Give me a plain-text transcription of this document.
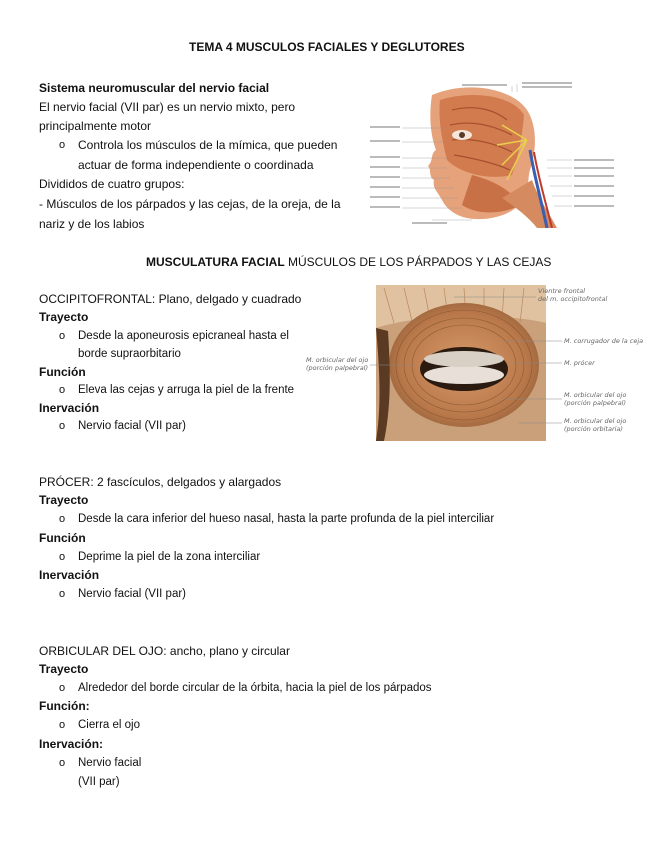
TEMA 4 MUSCULOS FACIALES Y DEGLUTORES
Sistema neuromuscular del nervio facial
El nervio facial (VII par) es un nervio mixto, pero
principalmente motor
o Controla los músculos de la mímica, que pueden
actuar de forma independiente o coordinada
Divididos de cuatro grupos:
- Músculos de los párpados y las cejas, de la oreja, de la
nariz y de los labios
MUSCULATURA FACIAL MÚSCULOS DE LOS PÁRPADOS Y LAS CEJAS
Vientre frontal
del m. occipitofrontal
M. corrugador de la ceja
M. prócer
M. orbicular del ojo
(porción palpebral)
M. orbicular del ojo
(porción orbitaria)
M. orbicular del ojo
(porción palpebral)
OCCIPITOFRONTAL: Plano, delgado y cuadrado
Trayecto
o Desde la aponeurosis epicraneal hasta el
borde supraorbitario
Función
o Eleva las cejas y arruga la piel de la frente
Inervación
o Nervio facial (VII par)
PRÓCER: 2 fascículos, delgados y alargados
Trayecto
o Desde la cara inferior del hueso nasal, hasta la parte profunda de la piel interciliar
Función
o Deprime la piel de la zona interciliar
Inervación
o Nervio facial (VII par)
ORBICULAR DEL OJO: ancho, plano y circular
Trayecto
o Alrededor del borde circular de la órbita, hacia la piel de los párpados
Función:
o Cierra el ojo
Inervación:
o Nervio facial
(VII par)
